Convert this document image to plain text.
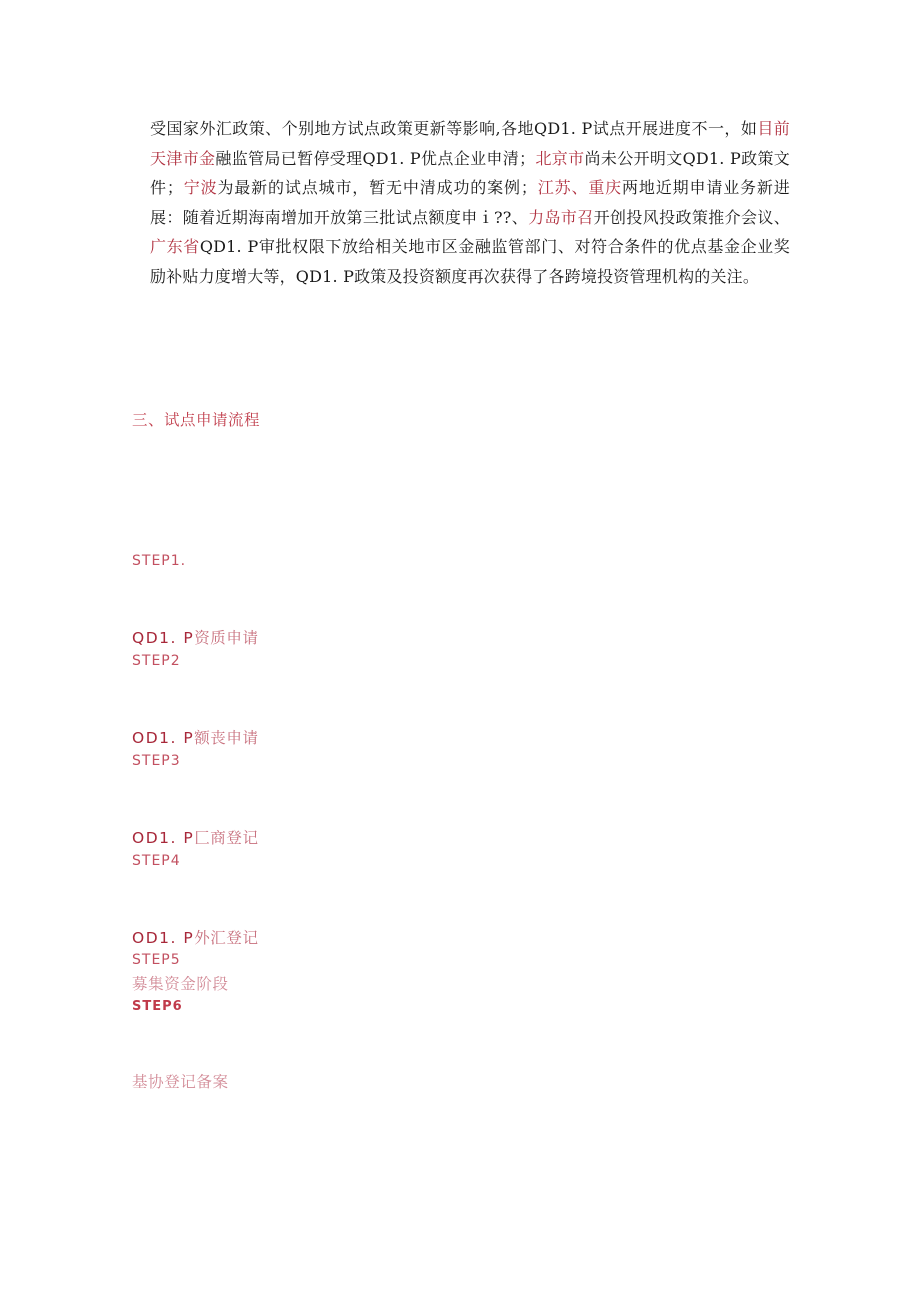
受国家外汇政策、个别地方试点政策更新等影响,各地QD1. P试点开展进度不一，如目前天津市金融监管局已暂停受理QD1. P优点企业申清；北京市尚未公开明文QD1. P政策文件；宁波为最新的试点城市，暂无中清成功的案例；江苏、重庆两地近期申请业务新进展：随着近期海南增加开放第三批试点额度申ｉ??、力岛市召开创投风投政策推介会议、广东省QD1. P审批权限下放给相关地市区金融监管部门、对符合条件的优点基金企业奖励补贴力度增大等，QD1. P政策及投资额度再次获得了各跨境投资管理机构的关注。
三、试点申请流程
STEP1.
QD1. P资质申请
STEP2
OD1. P额丧申请
STEP3
OD1. P匚商登记
STEP4
OD1. P外汇登记
STEP5
募集资金阶段
STEP6
基协登记备案
